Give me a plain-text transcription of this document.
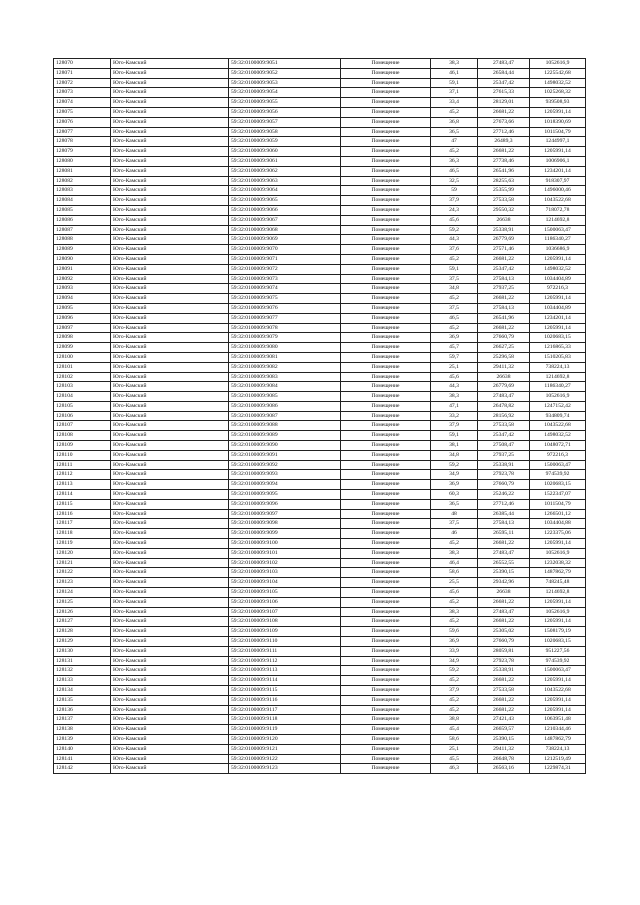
128070	Юго-Камский	59:32:0100009:9051	Помещение	38,3	27483,47	1052616,9
128071	Юго-Камский	59:32:0100009:9052	Помещение	46,1	26584,44	1225542,68
128072	Юго-Камский	59:32:0100009:9053	Помещение	59,1	25347,42	1498032,52
128073	Юго-Камский	59:32:0100009:9054	Помещение	37,1	27615,33	1025268,32
128074	Юго-Камский	59:32:0100009:9055	Помещение	33,4	28129,01	939508,93
128075	Юго-Камский	59:32:0100009:9056	Помещение	45,2	26681,22	1205991,14
128076	Юго-Камский	59:32:0100009:9057	Помещение	36,8	27673,66	1018390,69
128077	Юго-Камский	59:32:0100009:9058	Помещение	36,5	27712,46	1011504,79
128078	Юго-Камский	59:32:0100009:9059	Помещение	47	26489,3	1244997,1
128079	Юго-Камский	59:32:0100009:9060	Помещение	45,2	26681,22	1205991,14
128080	Юго-Камский	59:32:0100009:9061	Помещение	36,3	27738,46	1006906,1
128081	Юго-Камский	59:32:0100009:9062	Помещение	46,5	26541,96	1234201,14
128082	Юго-Камский	59:32:0100009:9063	Помещение	32,5	28255,63	918307,97
128083	Юго-Камский	59:32:0100009:9064	Помещение	59	25355,99	1496000,46
128084	Юго-Камский	59:32:0100009:9065	Помещение	37,9	27533,58	1043522,68
128085	Юго-Камский	59:32:0100009:9066	Помещение	24,3	29550,32	718072,78
128086	Юго-Камский	59:32:0100009:9067	Помещение	45,6	26638	1214692,8
128087	Юго-Камский	59:32:0100009:9068	Помещение	59,2	25338,91	1500063,47
128088	Юго-Камский	59:32:0100009:9069	Помещение	44,3	26779,69	1186340,27
128089	Юго-Камский	59:32:0100009:9070	Помещение	37,6	27571,46	1036686,9
128090	Юго-Камский	59:32:0100009:9071	Помещение	45,2	26681,22	1205991,14
128091	Юго-Камский	59:32:0100009:9072	Помещение	59,1	25347,42	1498032,52
128092	Юго-Камский	59:32:0100009:9073	Помещение	37,5	27584,13	1034404,89
128093	Юго-Камский	59:32:0100009:9074	Помещение	34,8	27937,25	972216,3
128094	Юго-Камский	59:32:0100009:9075	Помещение	45,2	26681,22	1205991,14
128095	Юго-Камский	59:32:0100009:9076	Помещение	37,5	27584,13	1034404,89
128096	Юго-Камский	59:32:0100009:9077	Помещение	46,5	26541,96	1234201,14
128097	Юго-Камский	59:32:0100009:9078	Помещение	45,2	26681,22	1205991,14
128098	Юго-Камский	59:32:0100009:9079	Помещение	36,9	27660,79	1020683,15
128099	Юго-Камский	59:32:0100009:9080	Помещение	45,7	26627,25	1216865,33
128100	Юго-Камский	59:32:0100009:9081	Помещение	59,7	25296,58	1510205,83
128101	Юго-Камский	59:32:0100009:9082	Помещение	25,1	29411,32	738224,13
128102	Юго-Камский	59:32:0100009:9083	Помещение	45,6	26638	1214692,8
128103	Юго-Камский	59:32:0100009:9084	Помещение	44,3	26779,69	1186340,27
128104	Юго-Камский	59:32:0100009:9085	Помещение	38,3	27483,47	1052616,9
128105	Юго-Камский	59:32:0100009:9086	Помещение	47,1	26478,82	1247152,42
128106	Юго-Камский	59:32:0100009:9087	Помещение	33,2	28156,92	934809,74
128107	Юго-Камский	59:32:0100009:9088	Помещение	37,9	27533,58	1043522,68
128108	Юго-Камский	59:32:0100009:9089	Помещение	59,1	25347,42	1498032,52
128109	Юго-Камский	59:32:0100009:9090	Помещение	38,1	27508,47	1048072,71
128110	Юго-Камский	59:32:0100009:9091	Помещение	34,8	27937,25	972216,3
128111	Юго-Камский	59:32:0100009:9092	Помещение	59,2	25338,91	1500063,47
128112	Юго-Камский	59:32:0100009:9093	Помещение	34,9	27923,78	974539,92
128113	Юго-Камский	59:32:0100009:9094	Помещение	36,9	27660,79	1020683,15
128114	Юго-Камский	59:32:0100009:9095	Помещение	60,3	25246,22	1522347,07
128115	Юго-Камский	59:32:0100009:9096	Помещение	36,5	27712,46	1011504,79
128116	Юго-Камский	59:32:0100009:9097	Помещение	48	26385,44	1266501,12
128117	Юго-Камский	59:32:0100009:9098	Помещение	37,5	27584,13	1034404,88
128118	Юго-Камский	59:32:0100009:9099	Помещение	46	26595,11	1223375,06
128119	Юго-Камский	59:32:0100009:9100	Помещение	45,2	26681,22	1205991,14
128120	Юго-Камский	59:32:0100009:9101	Помещение	38,3	27483,47	1052616,9
128121	Юго-Камский	59:32:0100009:9102	Помещение	46,4	26552,55	1232038,32
128122	Юго-Камский	59:32:0100009:9103	Помещение	58,6	25390,15	1487862,79
128123	Юго-Камский	59:32:0100009:9104	Помещение	25,5	29342,96	748245,48
128124	Юго-Камский	59:32:0100009:9105	Помещение	45,6	26638	1214692,8
128125	Юго-Камский	59:32:0100009:9106	Помещение	45,2	26681,22	1205991,14
128126	Юго-Камский	59:32:0100009:9107	Помещение	38,3	27483,47	1052616,9
128127	Юго-Камский	59:32:0100009:9108	Помещение	45,2	26681,22	1205991,14
128128	Юго-Камский	59:32:0100009:9109	Помещение	59,6	25305,02	1508179,19
128129	Юго-Камский	59:32:0100009:9110	Помещение	36,9	27660,79	1020683,15
128130	Юго-Камский	59:32:0100009:9111	Помещение	33,9	28059,81	951227,56
128131	Юго-Камский	59:32:0100009:9112	Помещение	34,9	27923,78	974539,92
128132	Юго-Камский	59:32:0100009:9113	Помещение	59,2	25338,91	1500063,47
128133	Юго-Камский	59:32:0100009:9114	Помещение	45,2	26681,22	1205991,14
128134	Юго-Камский	59:32:0100009:9115	Помещение	37,9	27533,58	1043522,68
128135	Юго-Камский	59:32:0100009:9116	Помещение	45,2	26681,22	1205991,14
128136	Юго-Камский	59:32:0100009:9117	Помещение	45,2	26681,22	1205991,14
128137	Юго-Камский	59:32:0100009:9118	Помещение	38,8	27421,43	1063951,48
128138	Юго-Камский	59:32:0100009:9119	Помещение	45,4	26659,57	1210344,46
128139	Юго-Камский	59:32:0100009:9120	Помещение	58,6	25390,15	1487862,79
128140	Юго-Камский	59:32:0100009:9121	Помещение	25,1	29411,32	738224,13
128141	Юго-Камский	59:32:0100009:9122	Помещение	45,5	26648,78	1212519,49
128142	Юго-Камский	59:32:0100009:9123	Помещение	46,3	26563,16	1229874,31
